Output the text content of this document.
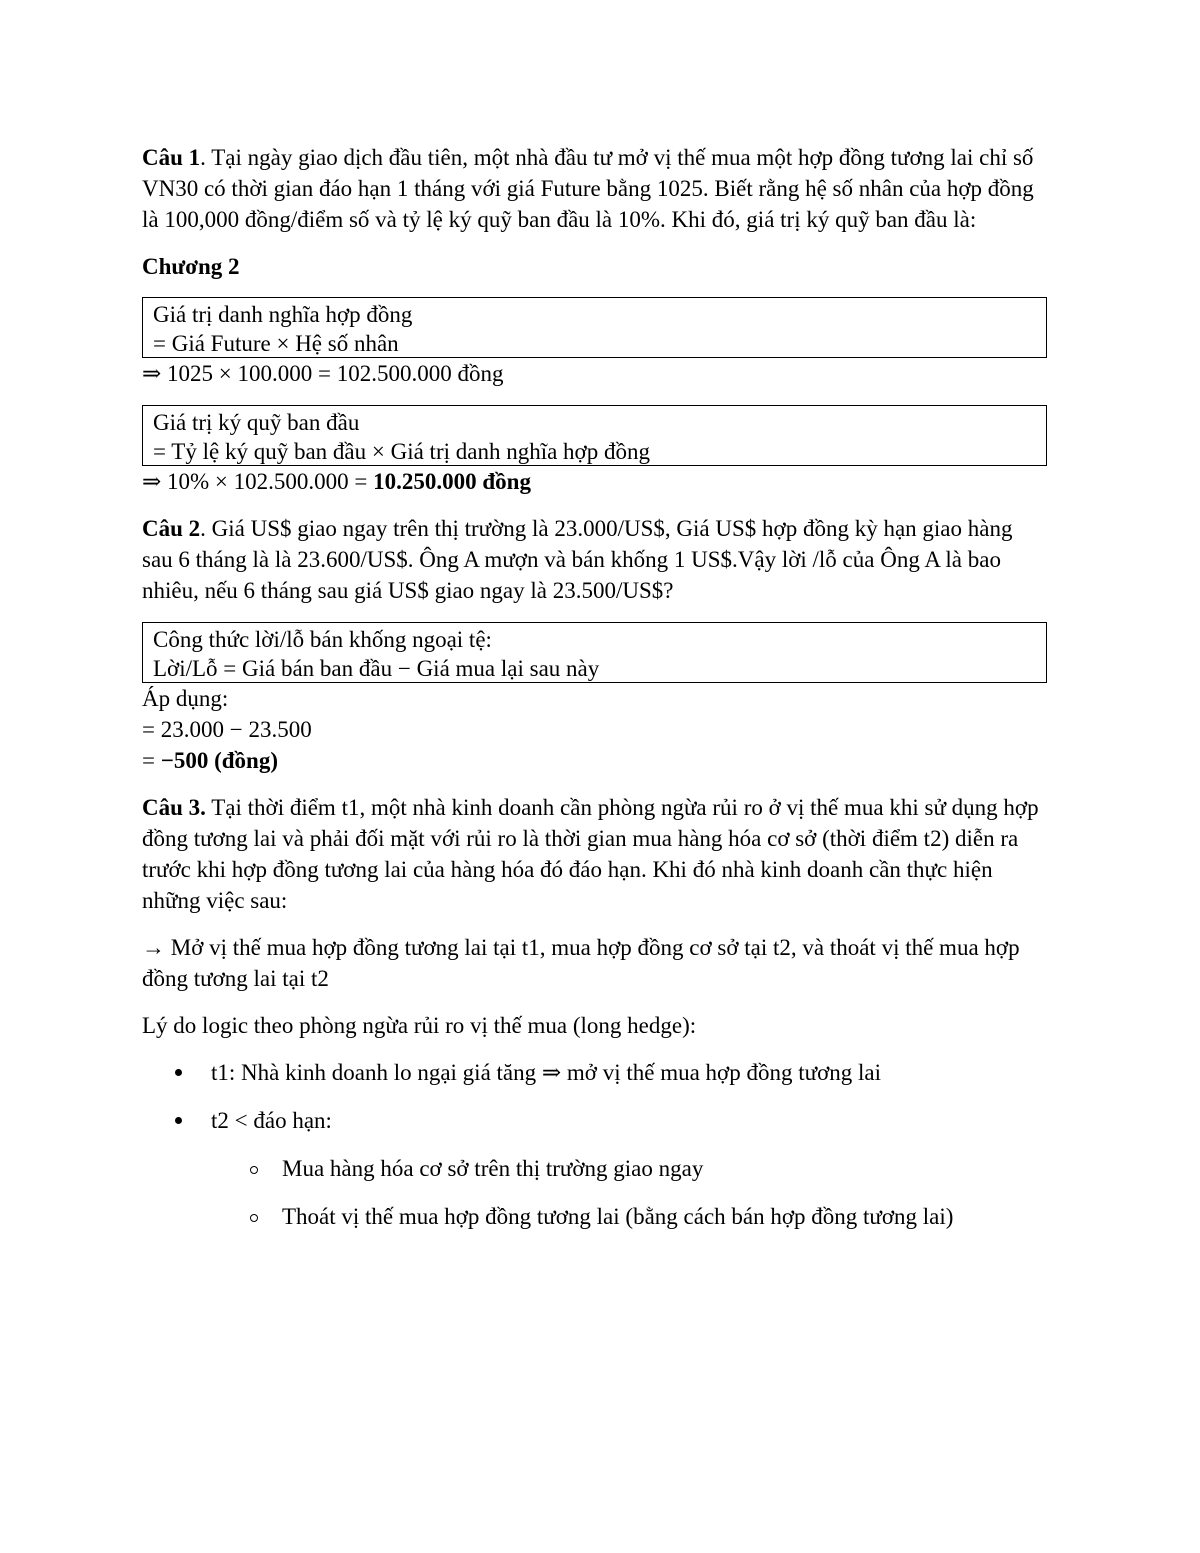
Câu 1. Tại ngày giao dịch đầu tiên, một nhà đầu tư mở vị thế mua một hợp đồng tương lai chỉ số VN30 có thời gian đáo hạn 1 tháng với giá Future bằng 1025. Biết rằng hệ số nhân của hợp đồng là 100,000 đồng/điểm số và tỷ lệ ký quỹ ban đầu là 10%. Khi đó, giá trị ký quỹ ban đầu là:

Chương 2

Giá trị danh nghĩa hợp đồng
= Giá Future × Hệ số nhân

⇒ 1025 × 100.000 = 102.500.000 đồng

Giá trị ký quỹ ban đầu
= Tỷ lệ ký quỹ ban đầu × Giá trị danh nghĩa hợp đồng

⇒ 10% × 102.500.000 = 10.250.000 đồng

Câu 2. Giá US$ giao ngay trên thị trường là 23.000/US$, Giá US$ hợp đồng kỳ hạn giao hàng sau 6 tháng là là 23.600/US$. Ông A mượn và bán khống 1 US$.Vậy lời /lỗ của Ông A là bao nhiêu, nếu 6 tháng sau giá US$ giao ngay là 23.500/US$?

Công thức lời/lỗ bán khống ngoại tệ:
Lời/Lỗ = Giá bán ban đầu − Giá mua lại sau này

Áp dụng:

= 23.000 − 23.500

= −500 (đồng)

Câu 3. Tại thời điểm t1, một nhà kinh doanh cần phòng ngừa rủi ro ở vị thế mua khi sử dụng hợp đồng tương lai và phải đối mặt với rủi ro là thời gian mua hàng hóa cơ sở (thời điểm t2) diễn ra trước khi hợp đồng tương lai của hàng hóa đó đáo hạn. Khi đó nhà kinh doanh cần thực hiện những việc sau:

→ Mở vị thế mua hợp đồng tương lai tại t1, mua hợp đồng cơ sở tại t2, và thoát vị thế mua hợp đồng tương lai tại t2

Lý do logic theo phòng ngừa rủi ro vị thế mua (long hedge):

t1: Nhà kinh doanh lo ngại giá tăng ⇒ mở vị thế mua hợp đồng tương lai
t2 < đáo hạn:
Mua hàng hóa cơ sở trên thị trường giao ngay
Thoát vị thế mua hợp đồng tương lai (bằng cách bán hợp đồng tương lai)
